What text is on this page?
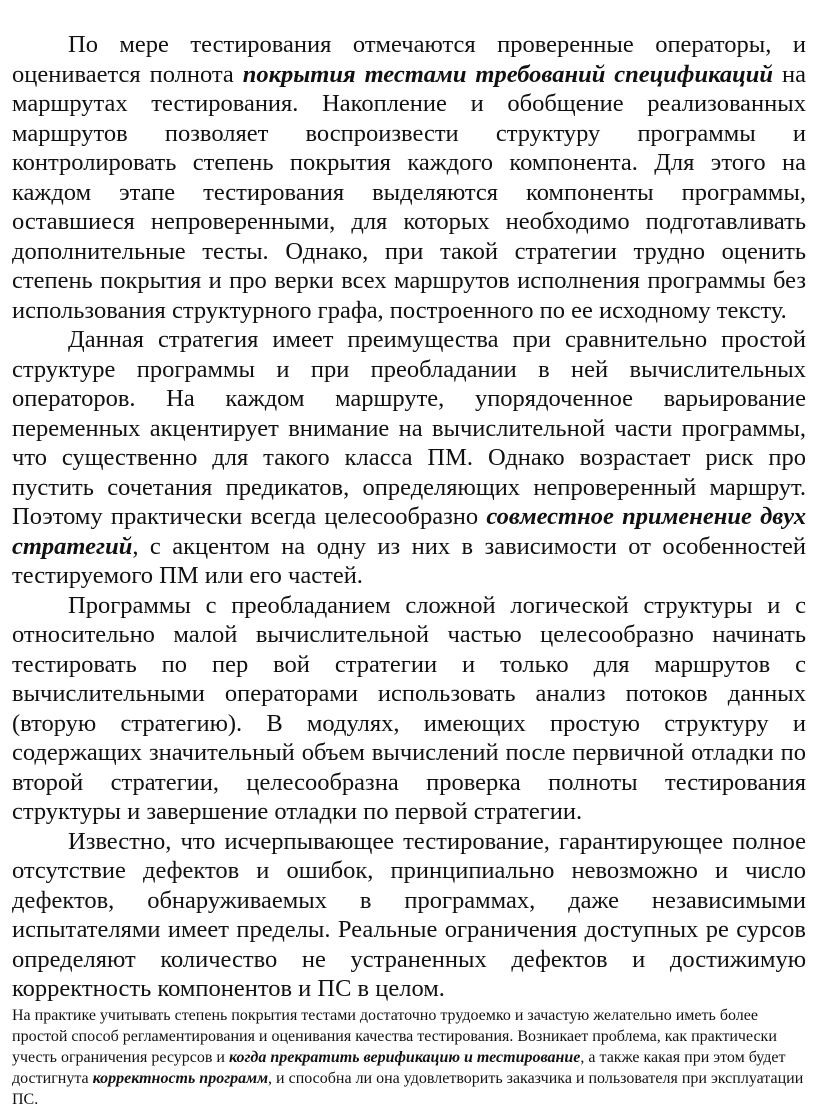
По мере тестирования отмечаются проверенные операторы, и оценивается полнота покрытия тестами требований спецификаций на маршрутах тестирования. Накопление и обобщение реализованных маршрутов позволяет воспроизвести структуру программы и контролировать степень покрытия каждого компонента. Для этого на каждом этапе тестирования выделяются компоненты программы, оставшиеся непроверенными, для которых необходимо подготавливать дополнительные тесты. Однако, при такой стратегии трудно оценить степень покрытия и про верки всех маршрутов исполнения программы без использования структурного графа, построенного по ее исходному тексту.

Данная стратегия имеет преимущества при сравнительно простой структуре программы и при преобладании в ней вычислительных операторов. На каждом маршруте, упорядоченное варьирование переменных акцентирует внимание на вычислительной части программы, что существенно для такого класса ПМ. Однако возрастает риск про пустить сочетания предикатов, определяющих непроверенный маршрут. Поэтому практически всегда целесообразно совместное применение двух стратегий, с акцентом на одну из них в зависимости от особенностей тестируемого ПМ или его частей.

Программы с преобладанием сложной логической структуры и с относительно малой вычислительной частью целесообразно начинать тестировать по пер вой стратегии и только для маршрутов с вычислительными операторами использовать анализ потоков данных (вторую стратегию). В модулях, имеющих простую структуру и содержащих значительный объем вычислений после первичной отладки по второй стратегии, целесообразна проверка полноты тестирования структуры и завершение отладки по первой стратегии.

Известно, что исчерпывающее тестирование, гарантирующее полное отсутствие дефектов и ошибок, принципиально невозможно и число дефектов, обнаруживаемых в программах, даже независимыми испытателями имеет пределы. Реальные ограничения доступных ре сурсов определяют количество не устраненных дефектов и достижимую корректность компонентов и ПС в целом.

На практике учитывать степень покрытия тестами достаточно трудоемко и зачастую желательно иметь более простой способ регламентирования и оценивания качества тестирования. Возникает проблема, как практически учесть ограничения ресурсов и когда прекратить верификацию и тестирование, а также какая при этом будет достигнута корректность программ, и способна ли она удовлетворить заказчика и пользователя при эксплуатации ПС.
